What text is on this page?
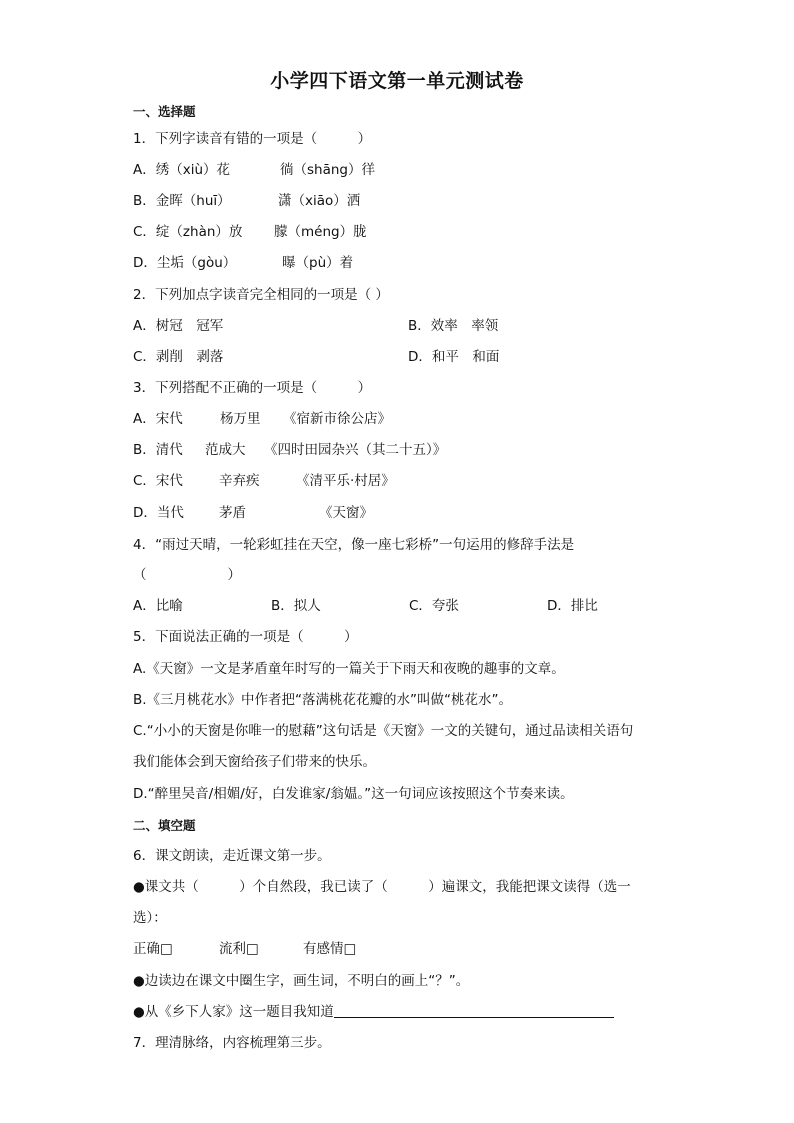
小学四下语文第一单元测试卷
一、选择题
1．下列字读音有错的一项是（　　　）
A．绣（xiù）花	徜（shāng）徉
B．金晖（huī）	潇（xiāo）洒
C．绽（zhàn）放 朦（méng）胧
D．尘垢（gòu）	曝（pù）着
2．下列加点字读音完全相同的一项是（ ）
A．树冠　冠军	B．效率　率领
C．剥削　剥落	D．和平　和面
3．下列搭配不正确的一项是（　　　）
A．宋代	杨万里 《宿新市徐公店》
B．清代 范成大 《四时田园杂兴（其二十五）》
C．宋代	辛弃疾	《清平乐·村居》
D．当代	茅盾	《天窗》
4．“雨过天晴，一轮彩虹挂在天空，像一座七彩桥”一句运用的修辞手法是
（　　　　　　）
A．比喻	B．拟人	C．夸张	D．排比
5．下面说法正确的一项是（　　　）
A.《天窗》一文是茅盾童年时写的一篇关于下雨天和夜晚的趣事的文章。
B.《三月桃花水》中作者把“落满桃花花瓣的水”叫做“桃花水”。
C.“小小的天窗是你唯一的慰藉”这句话是《天窗》一文的关键句，通过品读相关语句
我们能体会到天窗给孩子们带来的快乐。
D.“醉里吴音/相媚/好，白发谁家/翁媪。”这一句词应该按照这个节奏来读。
二、填空题
6．课文朗读，走近课文第一步。
●课文共（　　　）个自然段，我已读了（　　　）遍课文，我能把课文读得（选一
选）：
正确□	流利□	有感情□
●边读边在课文中圈生字，画生词，不明白的画上“？”。
●从《乡下人家》这一题目我知道
7．理清脉络，内容梳理第三步。
